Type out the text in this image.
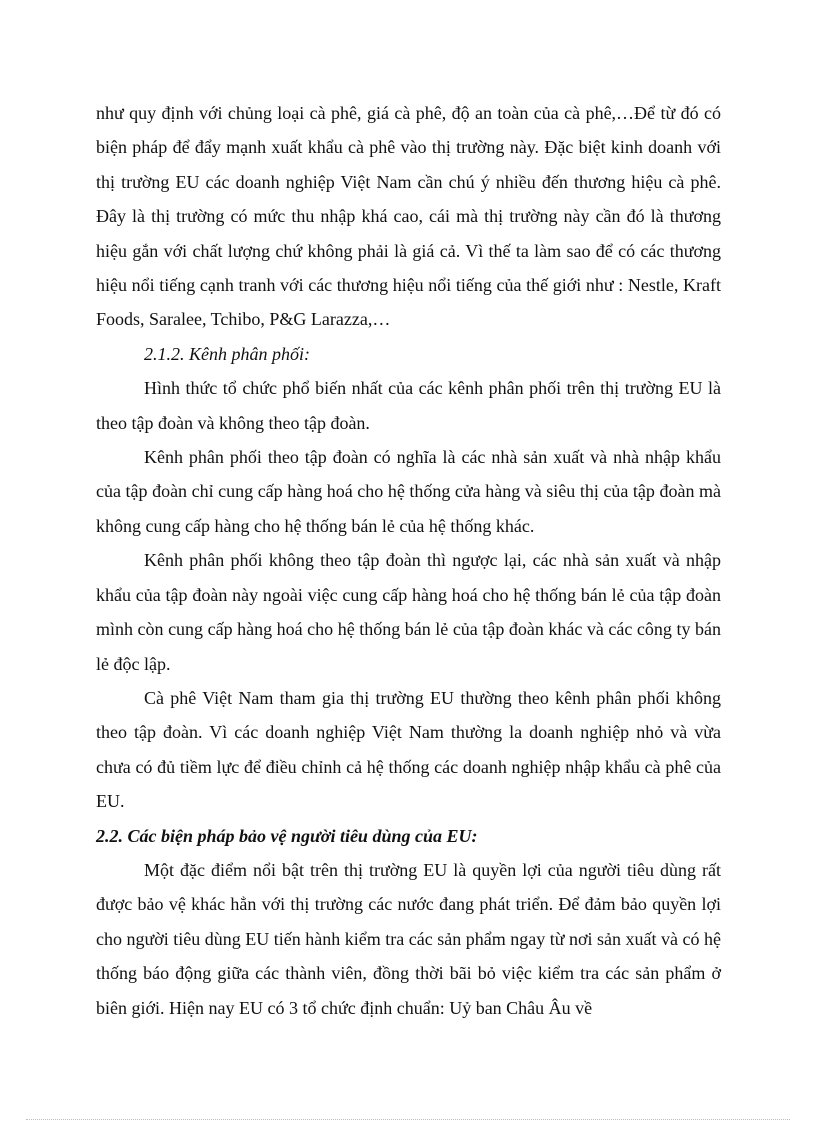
như quy định với chủng loại cà phê, giá cà phê, độ an toàn của cà phê,…Để từ đó có biện pháp để đẩy mạnh xuất khẩu cà phê vào thị trường này. Đặc biệt kinh doanh với thị trường EU các doanh nghiệp Việt Nam cần chú ý nhiều đến thương hiệu cà phê. Đây là thị trường có mức thu nhập khá cao, cái mà thị trường này cần đó là thương hiệu gắn với chất lượng chứ không phải là giá cả. Vì thế ta làm sao để có các thương hiệu nổi tiếng cạnh tranh với các thương hiệu nổi tiếng của thế giới như : Nestle, Kraft Foods, Saralee, Tchibo, P&G Larazza,…

2.1.2. Kênh phân phối:

Hình thức tổ chức phổ biến nhất của các kênh phân phối trên thị trường EU là theo tập đoàn và không theo tập đoàn.

Kênh phân phối theo tập đoàn có nghĩa là các nhà sản xuất và nhà nhập khẩu của tập đoàn chỉ cung cấp hàng hoá cho hệ thống cửa hàng và siêu thị của tập đoàn mà không cung cấp hàng cho hệ thống bán lẻ của hệ thống khác.

Kênh phân phối không theo tập đoàn thì ngược lại, các nhà sản xuất và nhập khẩu của tập đoàn này ngoài việc cung cấp hàng hoá cho hệ thống bán lẻ của tập đoàn mình còn cung cấp hàng hoá cho hệ thống bán lẻ của tập đoàn khác và các công ty bán lẻ độc lập.

Cà phê Việt Nam tham gia thị trường EU thường theo kênh phân phối không theo tập đoàn. Vì các doanh nghiệp Việt Nam thường la doanh nghiệp nhỏ và vừa chưa có đủ tiềm lực để điều chỉnh cả hệ thống các doanh nghiệp nhập khẩu cà phê của EU.

2.2. Các biện pháp bảo vệ người tiêu dùng của EU:

Một đặc điểm nổi bật trên thị trường EU là quyền lợi của người tiêu dùng rất được bảo vệ khác hẳn với thị trường các nước đang phát triển. Để đảm bảo quyền lợi cho người tiêu dùng EU tiến hành kiểm tra các sản phẩm ngay từ nơi sản xuất và có hệ thống báo động giữa các thành viên, đồng thời bãi bỏ việc kiểm tra các sản phẩm ở biên giới. Hiện nay EU có 3 tổ chức định chuẩn: Uỷ ban Châu Âu về
